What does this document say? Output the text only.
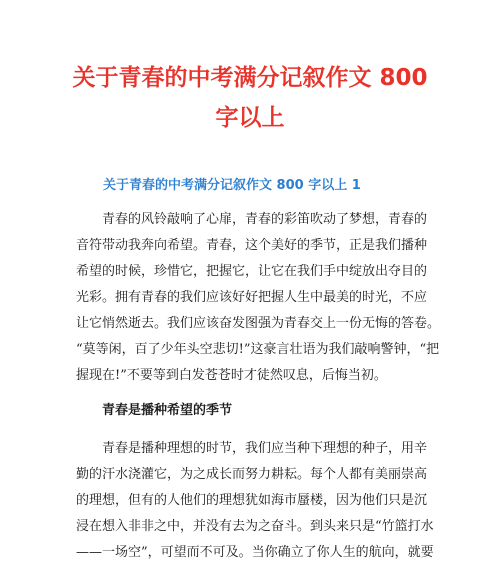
关于青春的中考满分记叙作文 800
字以上
关于青春的中考满分记叙作文 800 字以上 1

　　青春的风铃敲响了心扉，青春的彩笛吹动了梦想，青春的
音符带动我奔向希望。青春，这个美好的季节，正是我们播种
希望的时候，珍惜它，把握它，让它在我们手中绽放出夺目的
光彩。拥有青春的我们应该好好把握人生中最美的时光，不应
让它悄然逝去。我们应该奋发图强为青春交上一份无悔的答卷。
“莫等闲，百了少年头空悲切!”这豪言壮语为我们敲响警钟，“把
握现在!”不要等到白发苍苍时才徒然叹息，后悔当初。

青春是播种希望的季节

　　青春是播种理想的时节，我们应当种下理想的种子，用辛
勤的汗水浇灌它，为之成长而努力耕耘。每个人都有美丽崇高
的理想，但有的人他们的理想犹如海市蜃楼，因为他们只是沉
浸在想入非非之中，并没有去为之奋斗。到头来只是“竹篮打水
——一场空”，可望而不可及。当你确立了你人生的航向，就要
